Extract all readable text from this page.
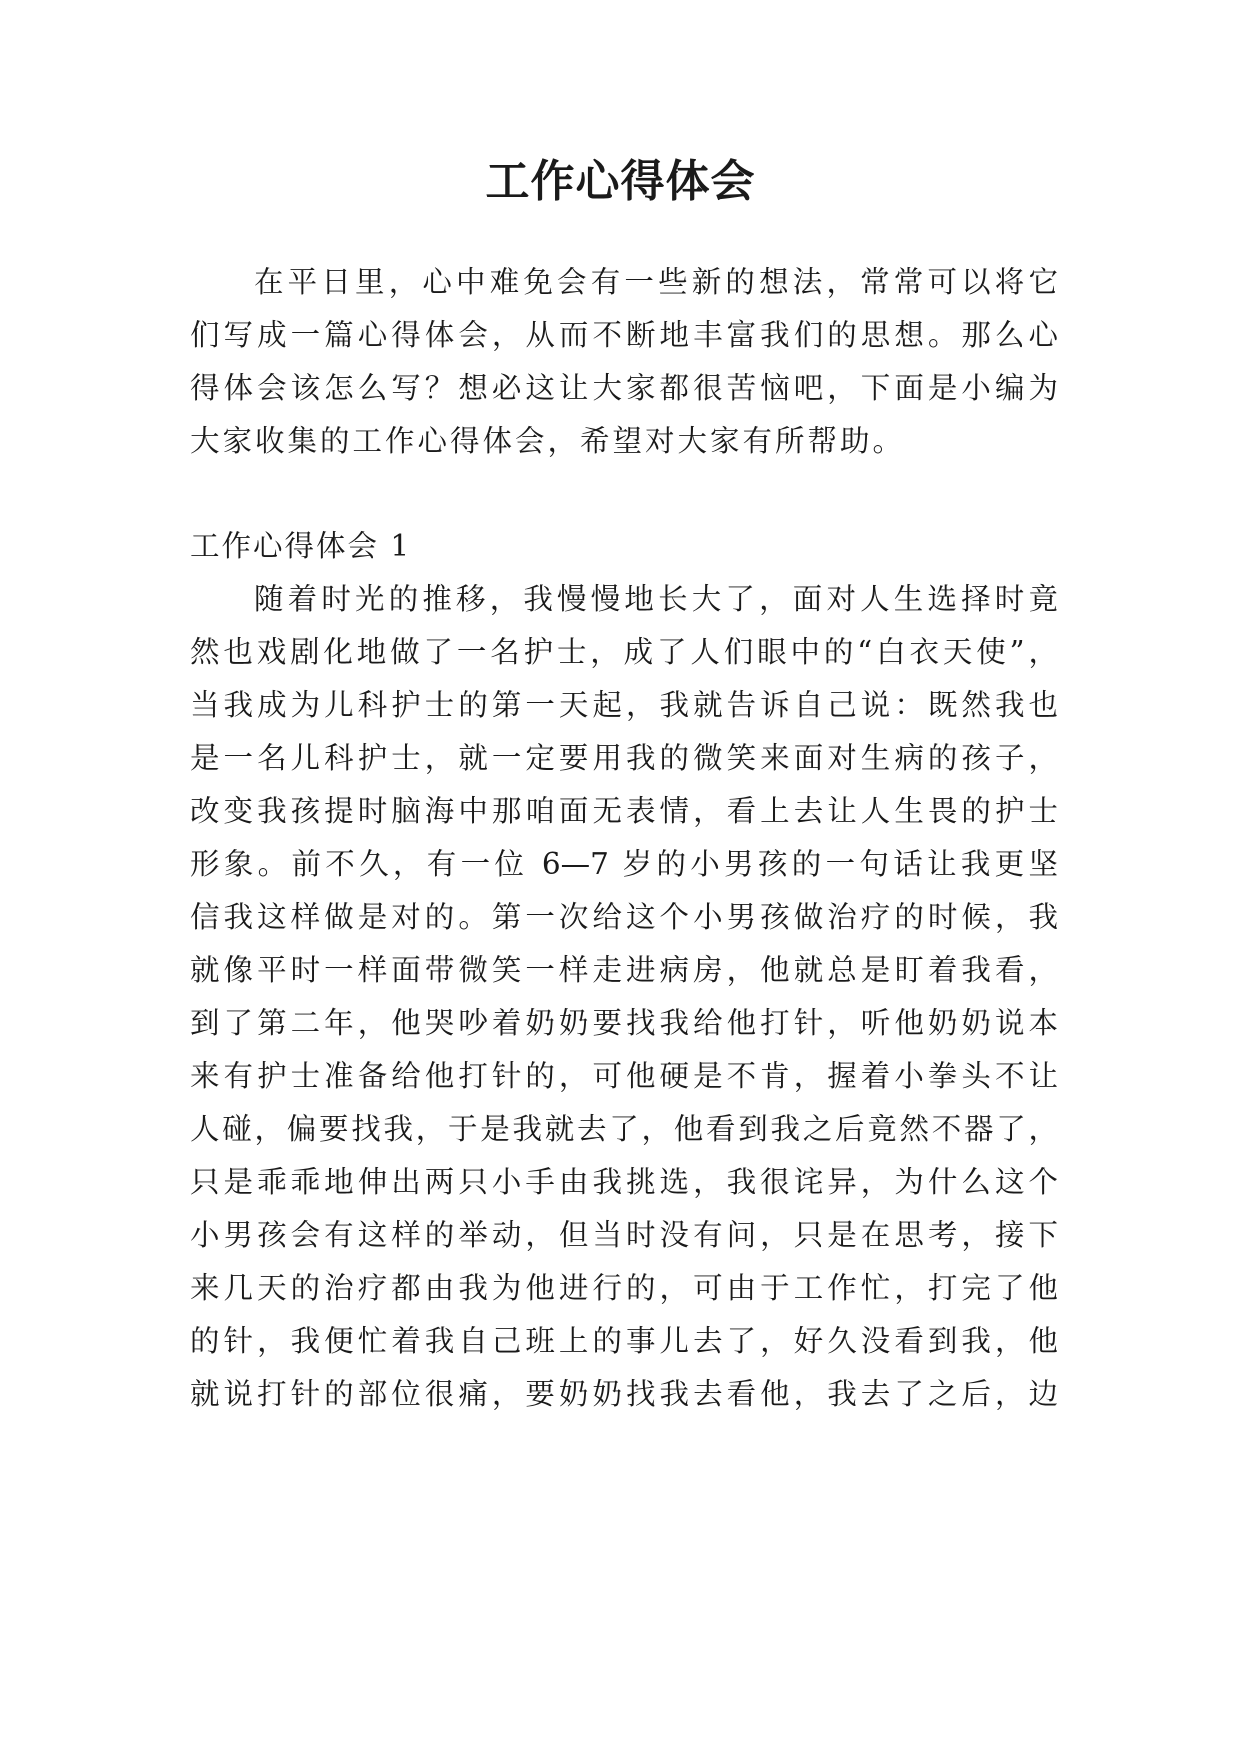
工作心得体会
在平日里，心中难免会有一些新的想法，常常可以将它
们写成一篇心得体会，从而不断地丰富我们的思想。那么心
得体会该怎么写？想必这让大家都很苦恼吧，下面是小编为
大家收集的工作心得体会，希望对大家有所帮助。
工作心得体会 1
随着时光的推移，我慢慢地长大了，面对人生选择时竟
然也戏剧化地做了一名护士，成了人们眼中的“白衣天使”，
当我成为儿科护士的第一天起，我就告诉自己说：既然我也
是一名儿科护士，就一定要用我的微笑来面对生病的孩子，
改变我孩提时脑海中那咱面无表情，看上去让人生畏的护士
形象。前不久，有一位 6—7 岁的小男孩的一句话让我更坚
信我这样做是对的。第一次给这个小男孩做治疗的时候，我
就像平时一样面带微笑一样走进病房，他就总是盯着我看，
到了第二年，他哭吵着奶奶要找我给他打针，听他奶奶说本
来有护士准备给他打针的，可他硬是不肯，握着小拳头不让
人碰，偏要找我，于是我就去了，他看到我之后竟然不器了，
只是乖乖地伸出两只小手由我挑选，我很诧异，为什么这个
小男孩会有这样的举动，但当时没有问，只是在思考，接下
来几天的治疗都由我为他进行的，可由于工作忙，打完了他
的针，我便忙着我自己班上的事儿去了，好久没看到我，他
就说打针的部位很痛，要奶奶找我去看他，我去了之后，边
